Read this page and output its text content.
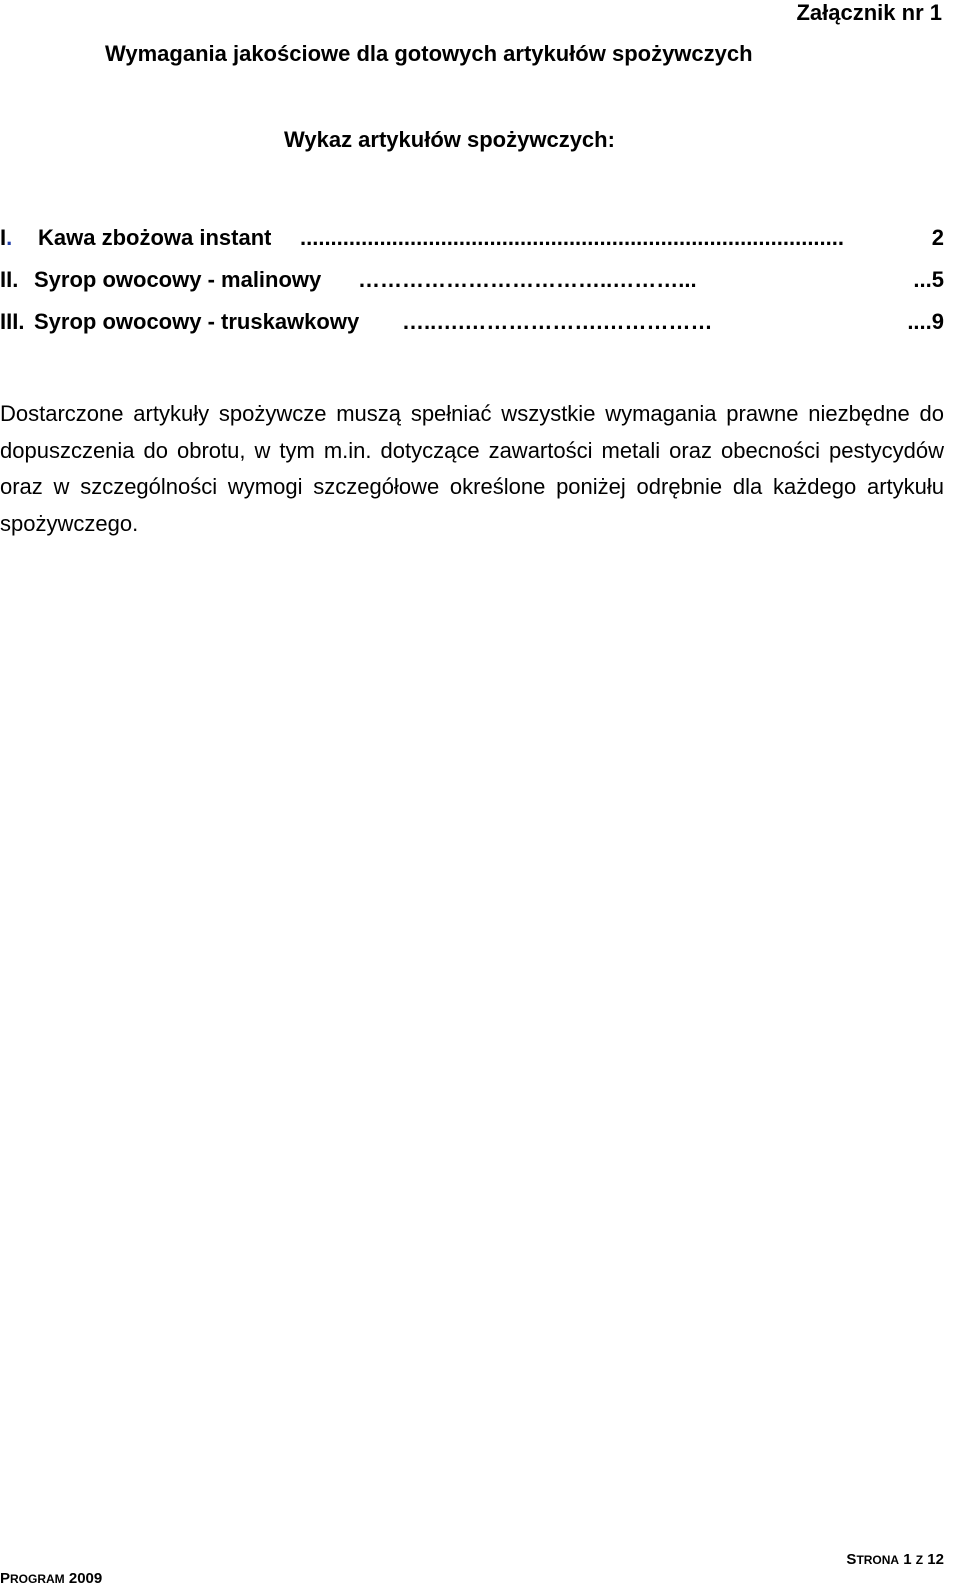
Załącznik nr 1
Wymagania jakościowe dla gotowych artykułów spożywczych
Wykaz artykułów spożywczych:
I. Kawa zbożowa instant .........................................................................................	2
II. Syrop owocowy - malinowy ……………………………..………...	...5
III. Syrop owocowy - truskawkowy …..….……………….……………	....9

Dostarczone artykuły spożywcze muszą spełniać wszystkie wymagania prawne niezbędne do dopuszczenia do obrotu, w tym m.in. dotyczące zawartości metali oraz obecności pestycydów oraz w szczególności wymogi szczegółowe określone poniżej odrębnie dla każdego artykułu spożywczego.

PROGRAM 2009
STRONA 1 Z 12
